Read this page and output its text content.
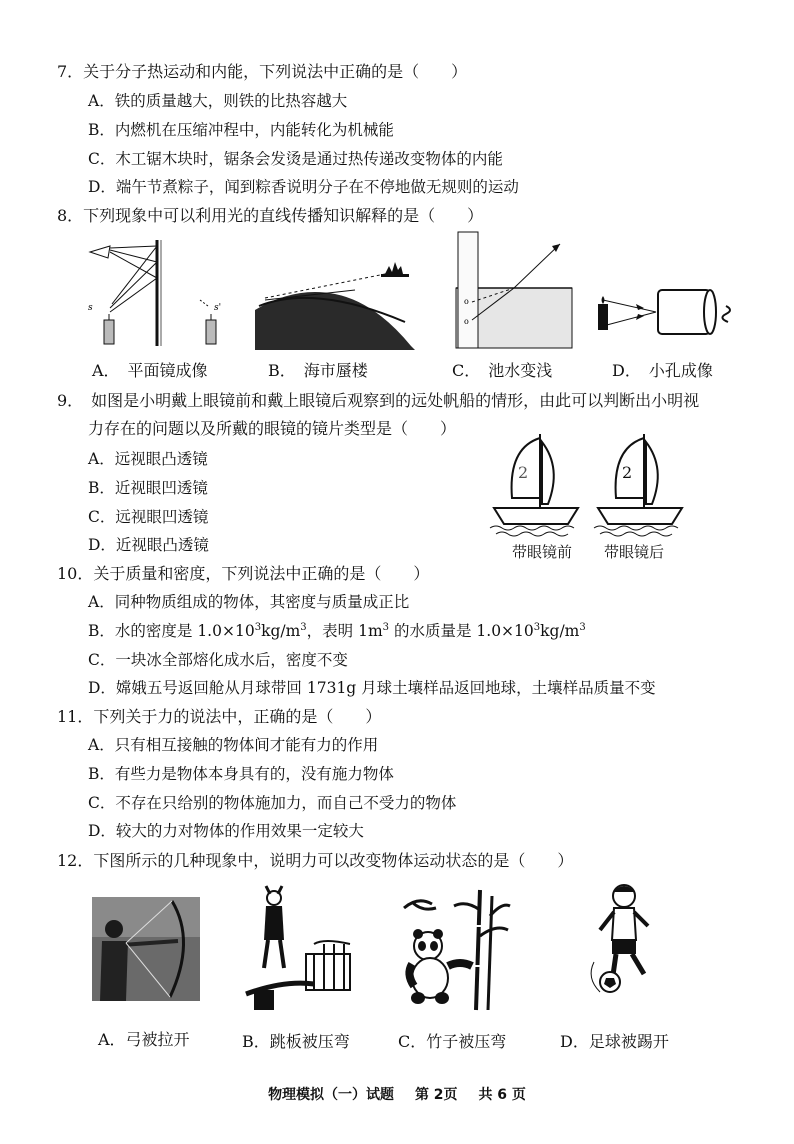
7．关于分子热运动和内能，下列说法中正确的是（　　）
A．铁的质量越大，则铁的比热容越大
B．内燃机在压缩冲程中，内能转化为机械能
C．木工锯木块时，锯条会发烫是通过热传递改变物体的内能
D．端午节煮粽子，闻到粽香说明分子在不停地做无规则的运动
8．下列现象中可以利用光的直线传播知识解释的是（　　）
s	s'
A．　平面镜成像	B．　海市蜃楼
o
o
C．　池水变浅	D．　小孔成像
9．　如图是小明戴上眼镜前和戴上眼镜后观察到的远处帆船的情形，由此可以判断出小明视
力存在的问题以及所戴的眼镜的镜片类型是（　　）
A．远视眼凸透镜
B．近视眼凹透镜
C．远视眼凹透镜
D．近视眼凸透镜
2	2
带眼镜前 带眼镜后
10．关于质量和密度，下列说法中正确的是（　　）
A．同种物质组成的物体，其密度与质量成正比
B．水的密度是 $1.0\times 10^3kg/m^3$，表明 $1m^3$ 的水质量是 $1.0\times 10^3kg/m^3$
C．一块冰全部熔化成水后，密度不变
D．嫦娥五号返回舱从月球带回 1731g 月球土壤样品返回地球，土壤样品质量不变
11．下列关于力的说法中，正确的是（　　）
A．只有相互接触的物体间才能有力的作用
B．有些力是物体本身具有的，没有施力物体
C．不存在只给别的物体施加力，而自己不受力的物体
D．较大的力对物体的作用效果一定较大
12．下图所示的几种现象中，说明力可以改变物体运动状态的是（　　）
A．弓被拉开	B．跳板被压弯	C．竹子被压弯	D．足球被踢开
物理模拟（一）试题 第 2页 共 6 页
